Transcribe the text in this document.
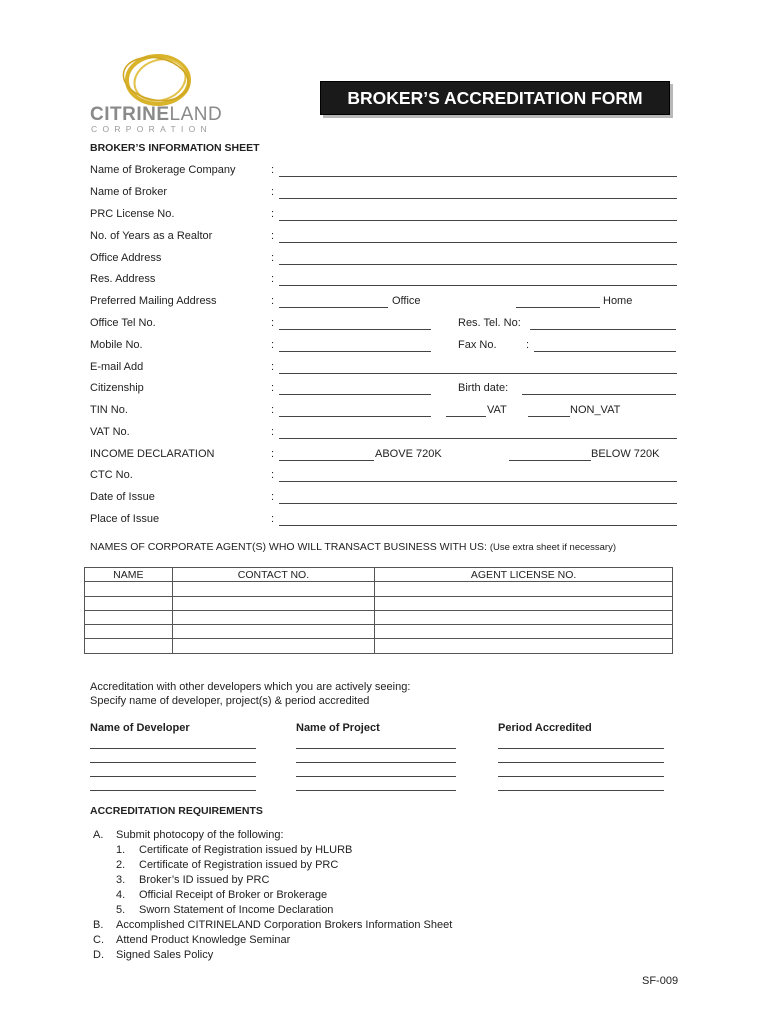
CITRINELAND
CORPORATION
BROKER’S ACCREDITATION FORM
BROKER’S INFORMATION SHEET
Name of Brokerage Company	:
Name of Broker	:
PRC License No.	:
No. of Years as a Realtor	:
Office Address	:
Res. Address	:
Preferred Mailing Address	:	Office	Home
Office Tel No.	:	Res. Tel. No:
Mobile No.	:	Fax No.	:
E-mail Add	:
Citizenship	:	Birth date:
TIN No.	:	VAT	NON_VAT
VAT No.	:
INCOME DECLARATION	:	ABOVE 720K	BELOW 720K
CTC No.	:
Date of Issue	:
Place of Issue	:
NAMES OF CORPORATE AGENT(S) WHO WILL TRANSACT BUSINESS WITH US: (Use extra sheet if necessary)
NAME	CONTACT NO.	AGENT LICENSE NO.

Accreditation with other developers which you are actively seeing:
Specify name of developer, project(s) & period accredited
Name of Developer	Name of Project	Period Accredited
ACCREDITATION REQUIREMENTS
A. Submit photocopy of the following:
1. Certificate of Registration issued by HLURB
2. Certificate of Registration issued by PRC
3. Broker’s ID issued by PRC
4. Official Receipt of Broker or Brokerage
5. Sworn Statement of Income Declaration
B. Accomplished CITRINELAND Corporation Brokers Information Sheet
C. Attend Product Knowledge Seminar
D. Signed Sales Policy
SF-009
